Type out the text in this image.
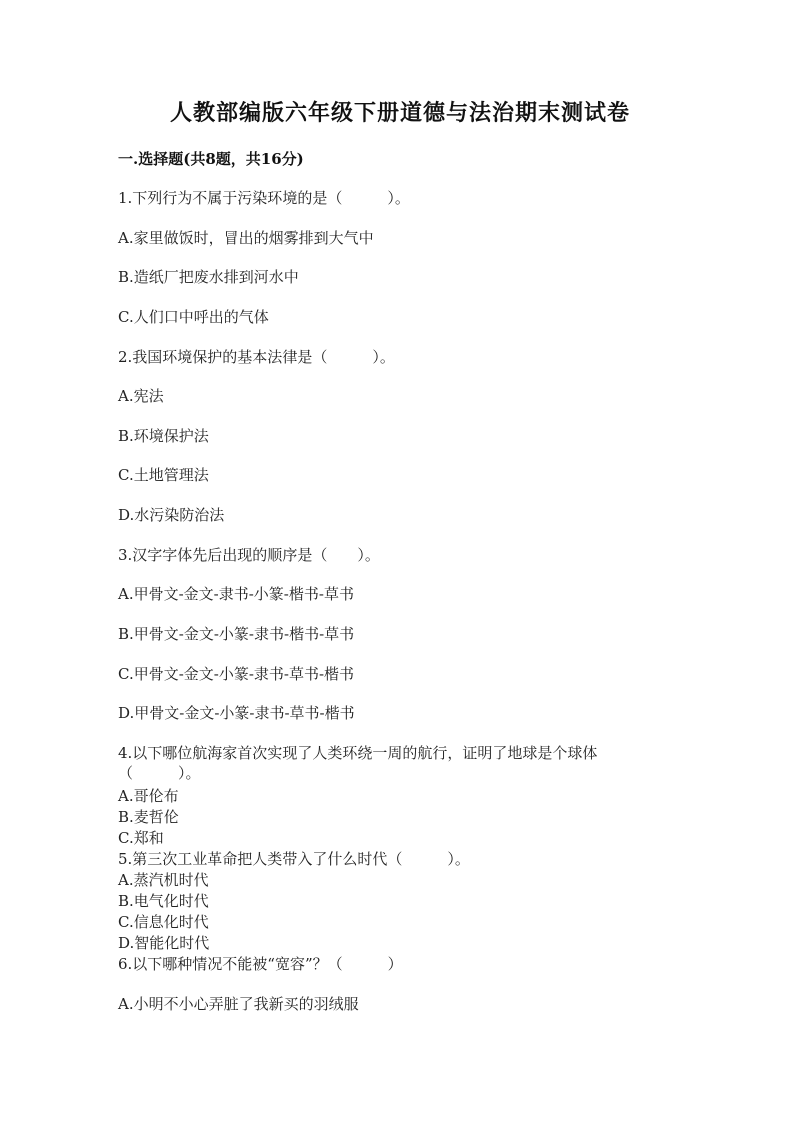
人教部编版六年级下册道德与法治期末测试卷
一.选择题(共8题，共16分)
1.下列行为不属于污染环境的是（　　　）。
A.家里做饭时，冒出的烟雾排到大气中
B.造纸厂把废水排到河水中
C.人们口中呼出的气体
2.我国环境保护的基本法律是（　　　）。
A.宪法
B.环境保护法
C.土地管理法
D.水污染防治法
3.汉字字体先后出现的顺序是（　　）。
A.甲骨文-金文-隶书-小篆-楷书-草书
B.甲骨文-金文-小篆-隶书-楷书-草书
C.甲骨文-金文-小篆-隶书-草书-楷书
D.甲骨文-金文-小篆-隶书-草书-楷书
4.以下哪位航海家首次实现了人类环绕一周的航行，证明了地球是个球体（　　　）。
A.哥伦布
B.麦哲伦
C.郑和
5.第三次工业革命把人类带入了什么时代（　　　）。
A.蒸汽机时代
B.电气化时代
C.信息化时代
D.智能化时代
6.以下哪种情况不能被“宽容”？（　　　）
A.小明不小心弄脏了我新买的羽绒服
